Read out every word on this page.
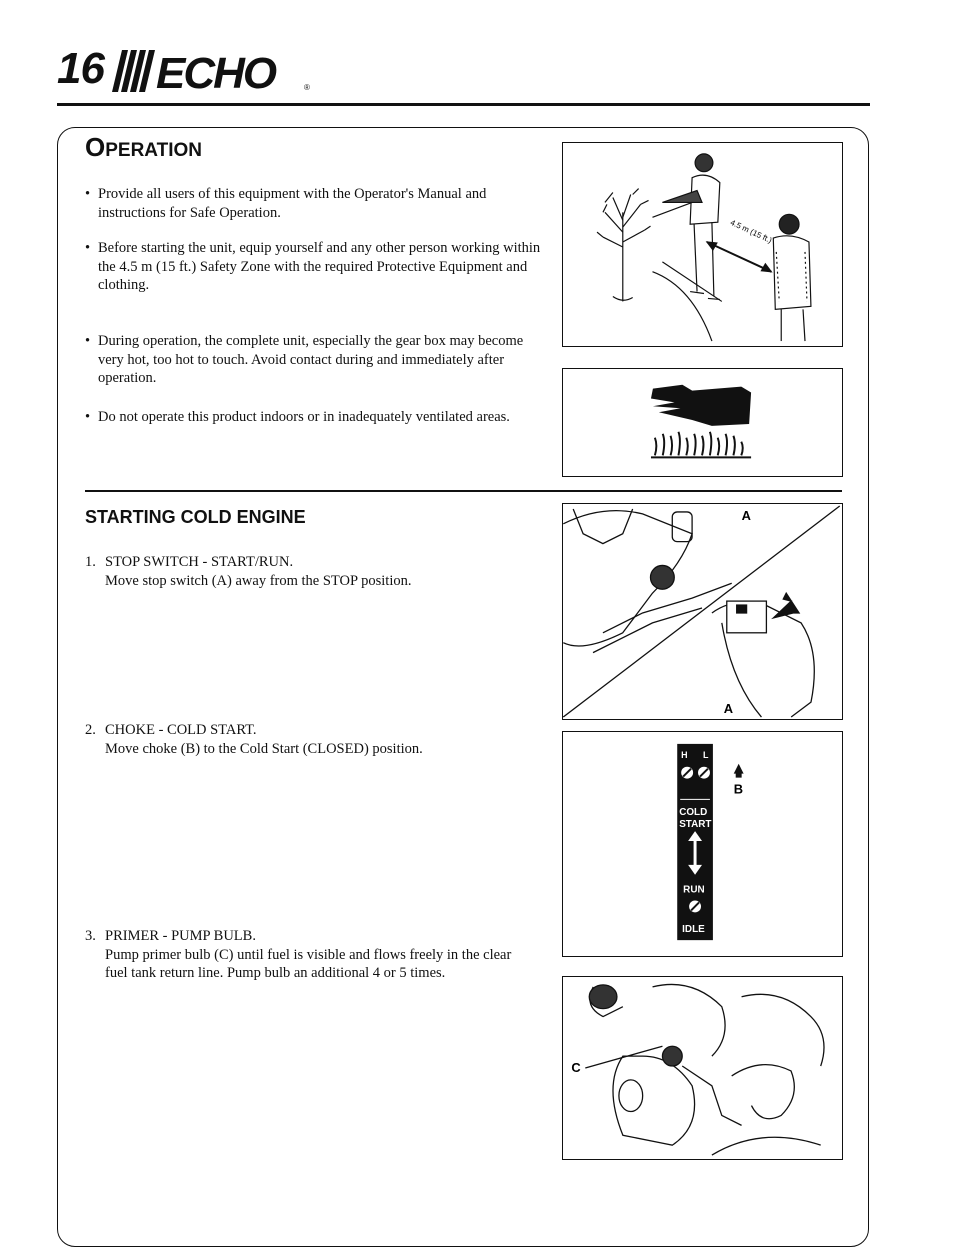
16 ECHO	®
OPERATION
• Provide all users of this equipment with the Operator's Manual and instructions for Safe Operation.
• Before starting the unit, equip yourself and any other person working within the 4.5 m (15 ft.) Safety Zone with the required Protective Equipment and clothing.
• During operation, the complete unit, especially the gear box may become very hot, too hot to touch. Avoid contact during and immediately after operation.
• Do not operate this product indoors or in inadequately ventilated areas.
4.5 m (15 ft.)
STARTING COLD ENGINE
1. STOP SWITCH - START/RUN.
Move stop switch (A) away from the STOP position.
2. CHOKE - COLD START.
Move choke (B) to the Cold Start (CLOSED) position.
3. PRIMER - PUMP BULB.
Pump primer bulb (C) until fuel is visible and flows freely in the clear fuel tank return line. Pump bulb an additional 4 or 5 times.
A
A
H L
COLD
START
RUN
IDLE
B
C
